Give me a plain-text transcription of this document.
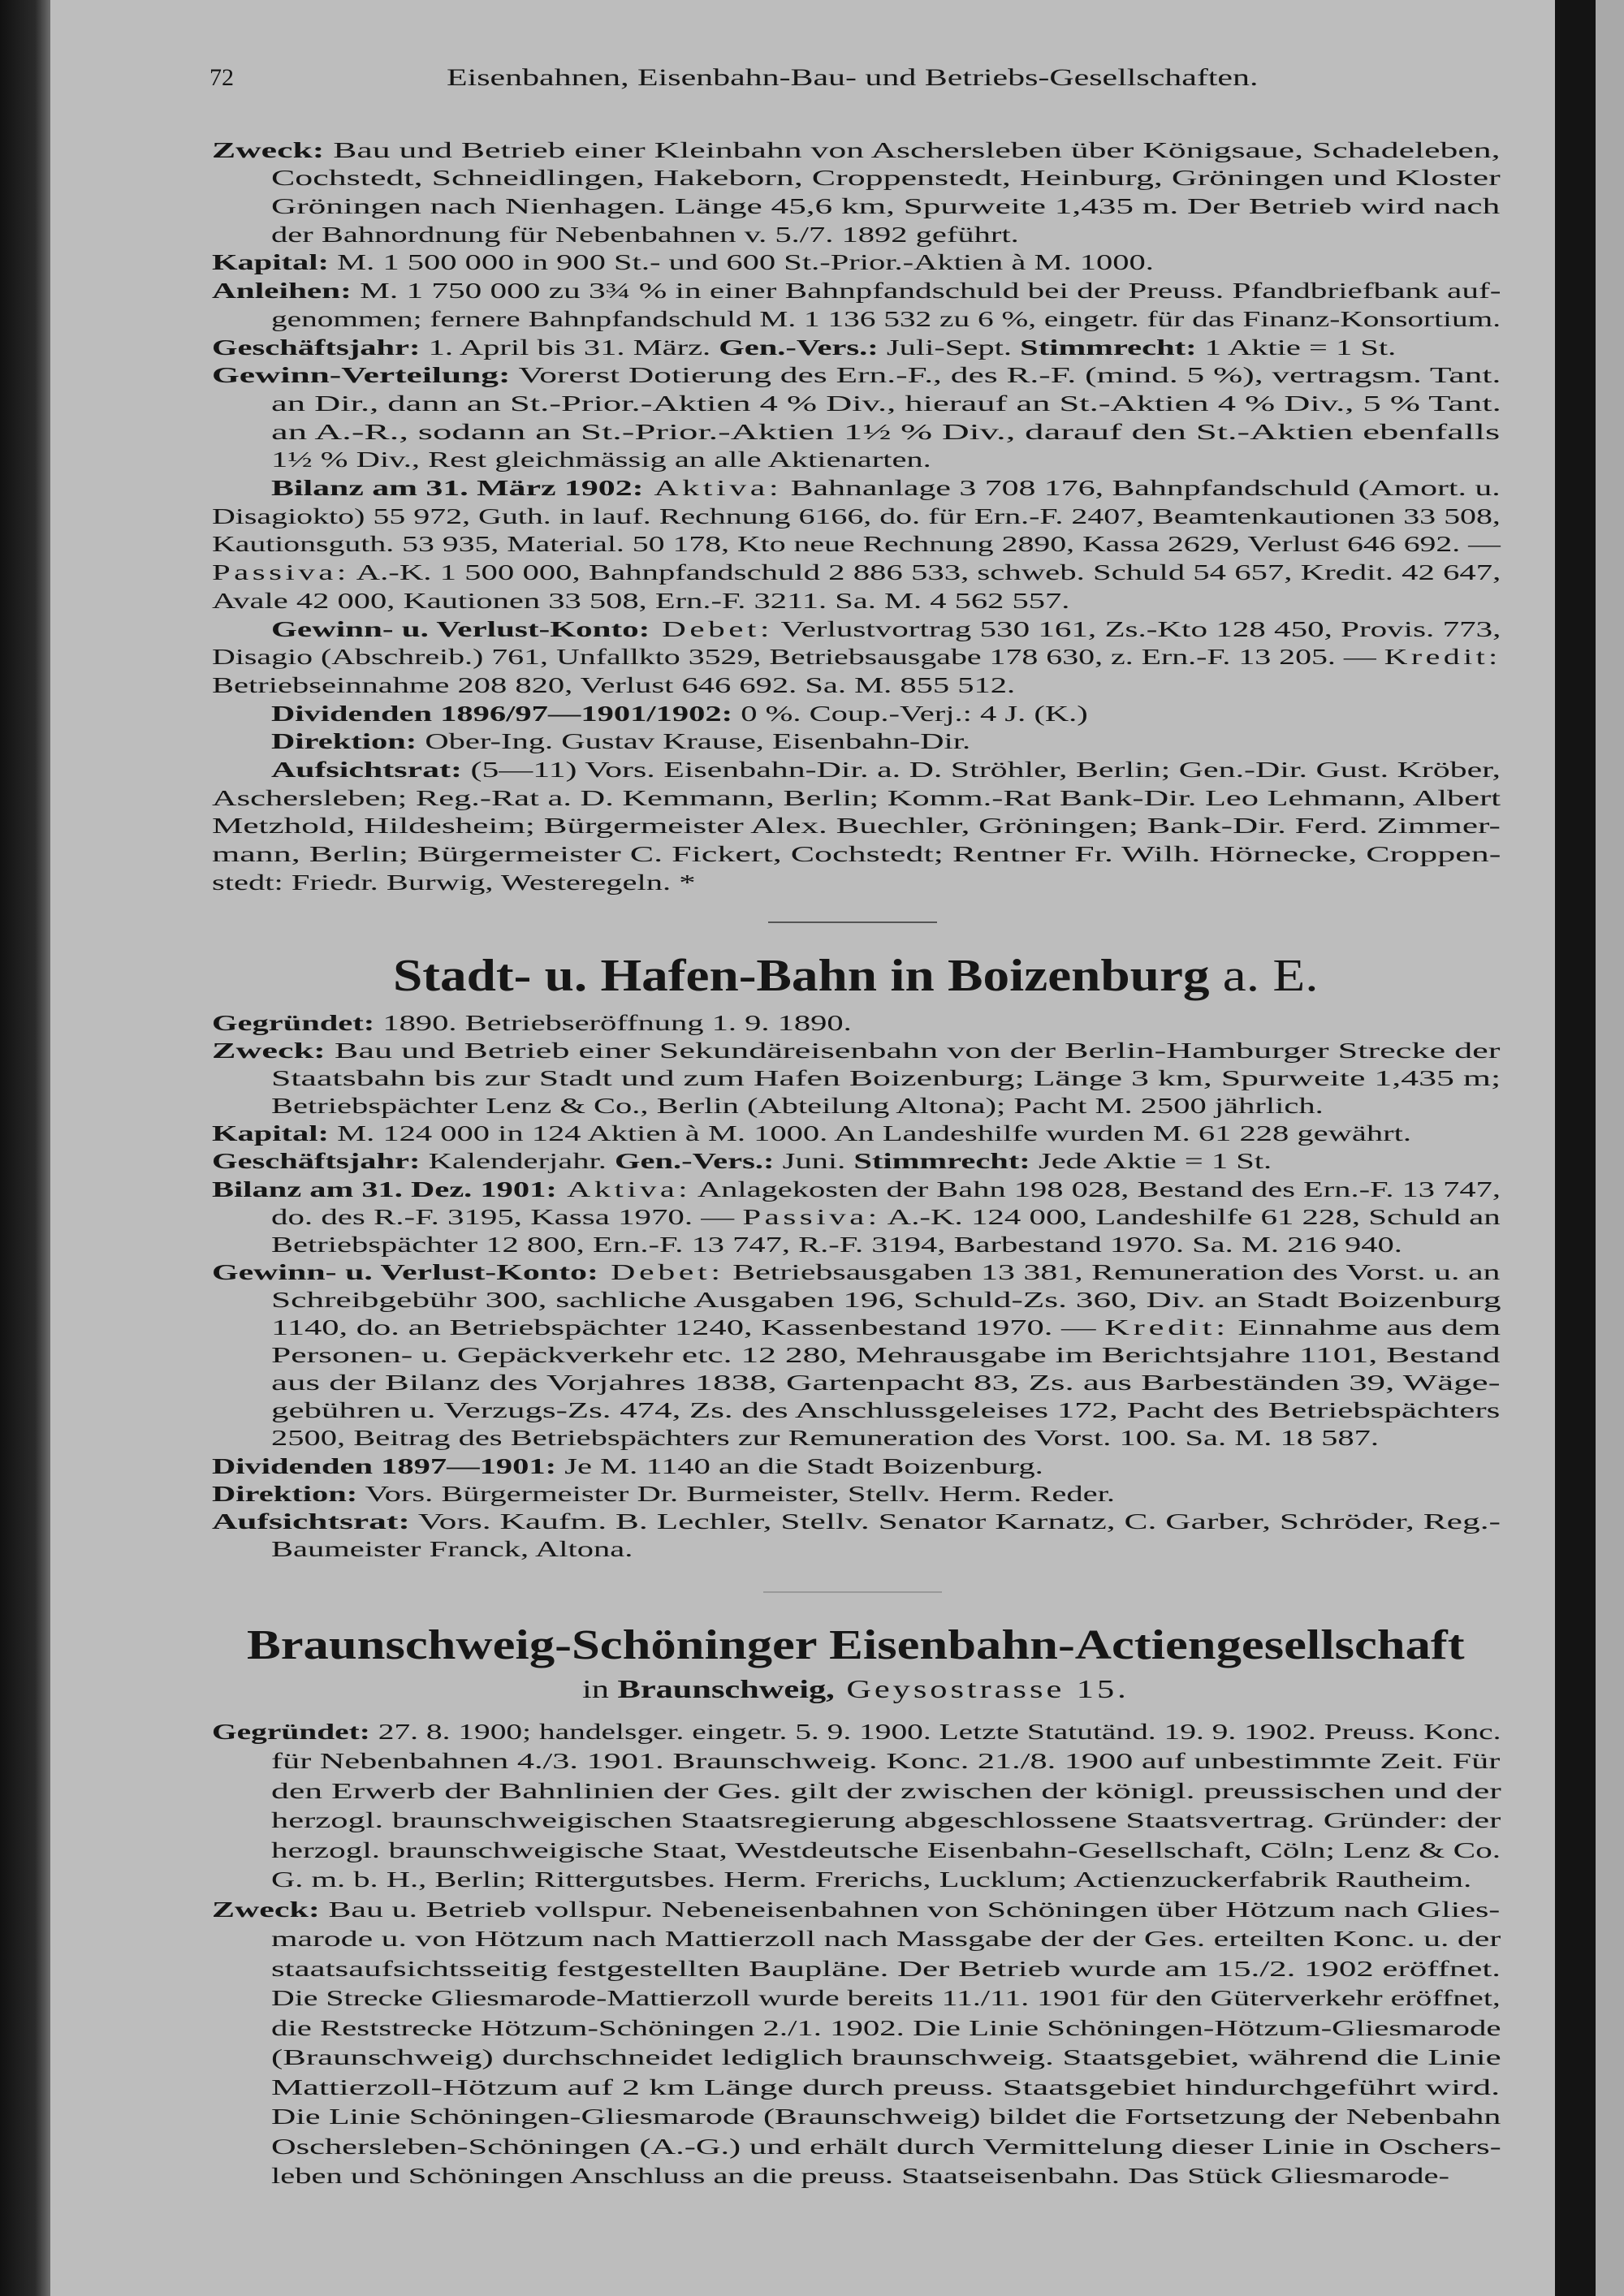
72	Eisenbahnen, Eisenbahn-Bau- und Betriebs-Gesellschaften.
Zweck: Bau und Betrieb einer Kleinbahn von Aschersleben über Königsaue, Schadeleben,
Cochstedt, Schneidlingen, Hakeborn, Croppenstedt, Heinburg, Gröningen und Kloster
Gröningen nach Nienhagen. Länge 45,6 km, Spurweite 1,435 m. Der Betrieb wird nach
der Bahnordnung für Nebenbahnen v. 5./7. 1892 geführt.
Kapital: M. 1 500 000 in 900 St.- und 600 St.-Prior.-Aktien à M. 1000.
Anleihen: M. 1 750 000 zu 3¾ % in einer Bahnpfandschuld bei der Preuss. Pfandbriefbank auf-
genommen; fernere Bahnpfandschuld M. 1 136 532 zu 6 %, eingetr. für das Finanz-Konsortium.
Geschäftsjahr: 1. April bis 31. März. Gen.-Vers.: Juli-Sept. Stimmrecht: 1 Aktie = 1 St.
Gewinn-Verteilung: Vorerst Dotierung des Ern.-F., des R.-F. (mind. 5 %), vertragsm. Tant.
an Dir., dann an St.-Prior.-Aktien 4 % Div., hierauf an St.-Aktien 4 % Div., 5 % Tant.
an A.-R., sodann an St.-Prior.-Aktien 1½ % Div., darauf den St.-Aktien ebenfalls
1½ % Div., Rest gleichmässig an alle Aktienarten.
Bilanz am 31. März 1902: Aktiva: Bahnanlage 3 708 176, Bahnpfandschuld (Amort. u.
Disagiokto) 55 972, Guth. in lauf. Rechnung 6166, do. für Ern.-F. 2407, Beamtenkautionen 33 508,
Kautionsguth. 53 935, Material. 50 178, Kto neue Rechnung 2890, Kassa 2629, Verlust 646 692. —
Passiva: A.-K. 1 500 000, Bahnpfandschuld 2 886 533, schweb. Schuld 54 657, Kredit. 42 647,
Avale 42 000, Kautionen 33 508, Ern.-F. 3211. Sa. M. 4 562 557.
Gewinn- u. Verlust-Konto: Debet: Verlustvortrag 530 161, Zs.-Kto 128 450, Provis. 773,
Disagio (Abschreib.) 761, Unfallkto 3529, Betriebsausgabe 178 630, z. Ern.-F. 13 205. — Kredit:
Betriebseinnahme 208 820, Verlust 646 692. Sa. M. 855 512.
Dividenden 1896/97—1901/1902: 0 %. Coup.-Verj.: 4 J. (K.)
Direktion: Ober-Ing. Gustav Krause, Eisenbahn-Dir.
Aufsichtsrat: (5—11) Vors. Eisenbahn-Dir. a. D. Ströhler, Berlin; Gen.-Dir. Gust. Kröber,
Aschersleben; Reg.-Rat a. D. Kemmann, Berlin; Komm.-Rat Bank-Dir. Leo Lehmann, Albert
Metzhold, Hildesheim; Bürgermeister Alex. Buechler, Gröningen; Bank-Dir. Ferd. Zimmer-
mann, Berlin; Bürgermeister C. Fickert, Cochstedt; Rentner Fr. Wilh. Hörnecke, Croppen-
stedt: Friedr. Burwig, Westeregeln. *
Stadt- u. Hafen-Bahn in Boizenburg a. E.
Gegründet: 1890. Betriebseröffnung 1. 9. 1890.
Zweck: Bau und Betrieb einer Sekundäreisenbahn von der Berlin-Hamburger Strecke der
Staatsbahn bis zur Stadt und zum Hafen Boizenburg; Länge 3 km, Spurweite 1,435 m;
Betriebspächter Lenz & Co., Berlin (Abteilung Altona); Pacht M. 2500 jährlich.
Kapital: M. 124 000 in 124 Aktien à M. 1000. An Landeshilfe wurden M. 61 228 gewährt.
Geschäftsjahr: Kalenderjahr. Gen.-Vers.: Juni. Stimmrecht: Jede Aktie = 1 St.
Bilanz am 31. Dez. 1901: Aktiva: Anlagekosten der Bahn 198 028, Bestand des Ern.-F. 13 747,
do. des R.-F. 3195, Kassa 1970. — Passiva: A.-K. 124 000, Landeshilfe 61 228, Schuld an
Betriebspächter 12 800, Ern.-F. 13 747, R.-F. 3194, Barbestand 1970. Sa. M. 216 940.
Gewinn- u. Verlust-Konto: Debet: Betriebsausgaben 13 381, Remuneration des Vorst. u. an
Schreibgebühr 300, sachliche Ausgaben 196, Schuld-Zs. 360, Div. an Stadt Boizenburg
1140, do. an Betriebspächter 1240, Kassenbestand 1970. — Kredit: Einnahme aus dem
Personen- u. Gepäckverkehr etc. 12 280, Mehrausgabe im Berichtsjahre 1101, Bestand
aus der Bilanz des Vorjahres 1838, Gartenpacht 83, Zs. aus Barbeständen 39, Wäge-
gebühren u. Verzugs-Zs. 474, Zs. des Anschlussgeleises 172, Pacht des Betriebspächters
2500, Beitrag des Betriebspächters zur Remuneration des Vorst. 100. Sa. M. 18 587.
Dividenden 1897—1901: Je M. 1140 an die Stadt Boizenburg.
Direktion: Vors. Bürgermeister Dr. Burmeister, Stellv. Herm. Reder.
Aufsichtsrat: Vors. Kaufm. B. Lechler, Stellv. Senator Karnatz, C. Garber, Schröder, Reg.-
Baumeister Franck, Altona.
Braunschweig-Schöninger Eisenbahn-Actiengesellschaft
in Braunschweig, Geysostrasse 15.
Gegründet: 27. 8. 1900; handelsger. eingetr. 5. 9. 1900. Letzte Statutänd. 19. 9. 1902. Preuss. Konc.
für Nebenbahnen 4./3. 1901. Braunschweig. Konc. 21./8. 1900 auf unbestimmte Zeit. Für
den Erwerb der Bahnlinien der Ges. gilt der zwischen der königl. preussischen und der
herzogl. braunschweigischen Staatsregierung abgeschlossene Staatsvertrag. Gründer: der
herzogl. braunschweigische Staat, Westdeutsche Eisenbahn-Gesellschaft, Cöln; Lenz & Co.
G. m. b. H., Berlin; Rittergutsbes. Herm. Frerichs, Lucklum; Actienzuckerfabrik Rautheim.
Zweck: Bau u. Betrieb vollspur. Nebeneisenbahnen von Schöningen über Hötzum nach Glies-
marode u. von Hötzum nach Mattierzoll nach Massgabe der der Ges. erteilten Konc. u. der
staatsaufsichtsseitig festgestellten Baupläne. Der Betrieb wurde am 15./2. 1902 eröffnet.
Die Strecke Gliesmarode-Mattierzoll wurde bereits 11./11. 1901 für den Güterverkehr eröffnet,
die Reststrecke Hötzum-Schöningen 2./1. 1902. Die Linie Schöningen-Hötzum-Gliesmarode
(Braunschweig) durchschneidet lediglich braunschweig. Staatsgebiet, während die Linie
Mattierzoll-Hötzum auf 2 km Länge durch preuss. Staatsgebiet hindurchgeführt wird.
Die Linie Schöningen-Gliesmarode (Braunschweig) bildet die Fortsetzung der Nebenbahn
Oschersleben-Schöningen (A.-G.) und erhält durch Vermittelung dieser Linie in Oschers-
leben und Schöningen Anschluss an die preuss. Staatseisenbahn. Das Stück Gliesmarode-
